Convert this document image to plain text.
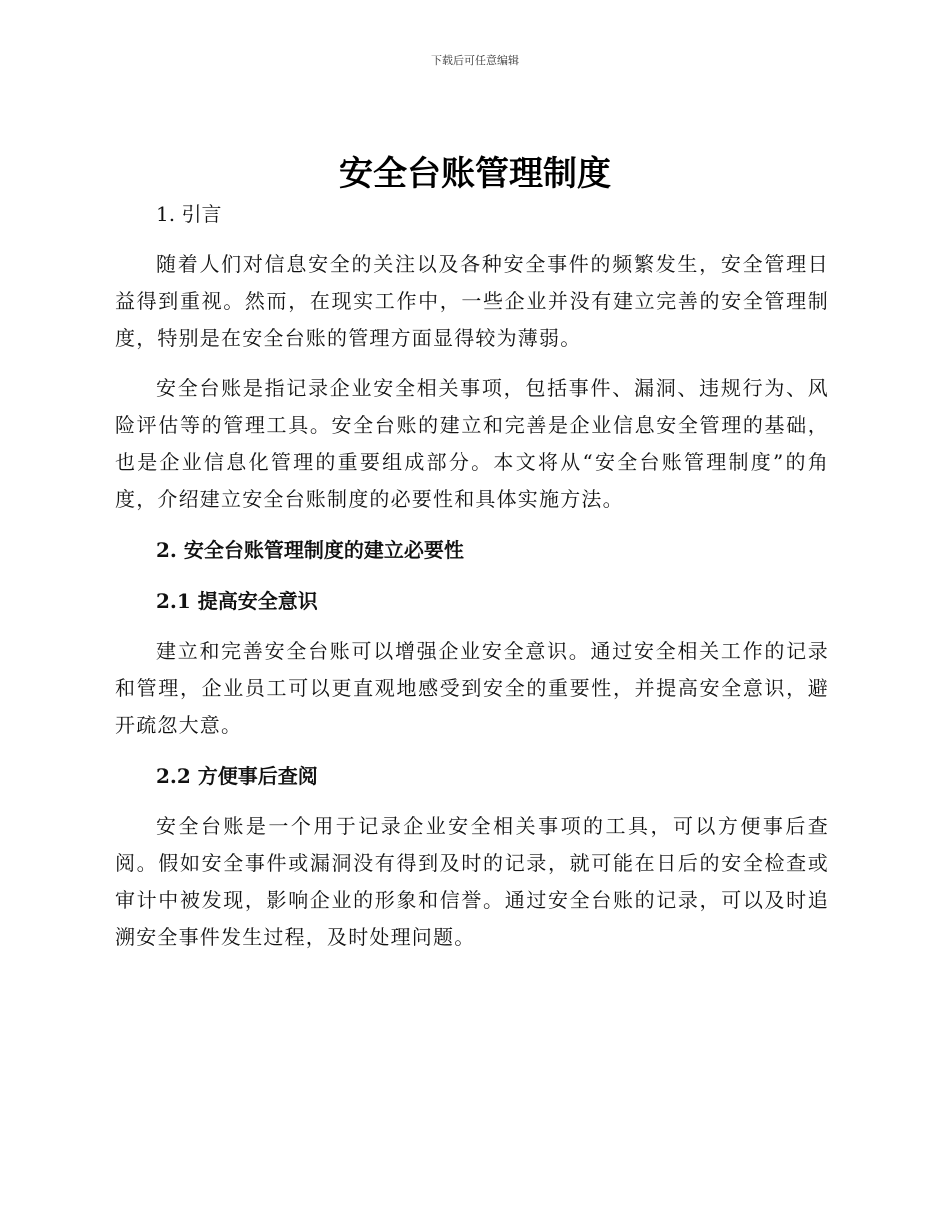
下载后可任意编辑
安全台账管理制度
1. 引言

随着人们对信息安全的关注以及各种安全事件的频繁发生，安全管理日益得到重视。然而，在现实工作中，一些企业并没有建立完善的安全管理制度，特别是在安全台账的管理方面显得较为薄弱。

安全台账是指记录企业安全相关事项，包括事件、漏洞、违规行为、风险评估等的管理工具。安全台账的建立和完善是企业信息安全管理的基础，也是企业信息化管理的重要组成部分。本文将从“安全台账管理制度”的角度，介绍建立安全台账制度的必要性和具体实施方法。

2. 安全台账管理制度的建立必要性
2.1 提高安全意识

建立和完善安全台账可以增强企业安全意识。通过安全相关工作的记录和管理，企业员工可以更直观地感受到安全的重要性，并提高安全意识，避开疏忽大意。

2.2 方便事后查阅

安全台账是一个用于记录企业安全相关事项的工具，可以方便事后查阅。假如安全事件或漏洞没有得到及时的记录，就可能在日后的安全检查或审计中被发现，影响企业的形象和信誉。通过安全台账的记录，可以及时追溯安全事件发生过程，及时处理问题。
